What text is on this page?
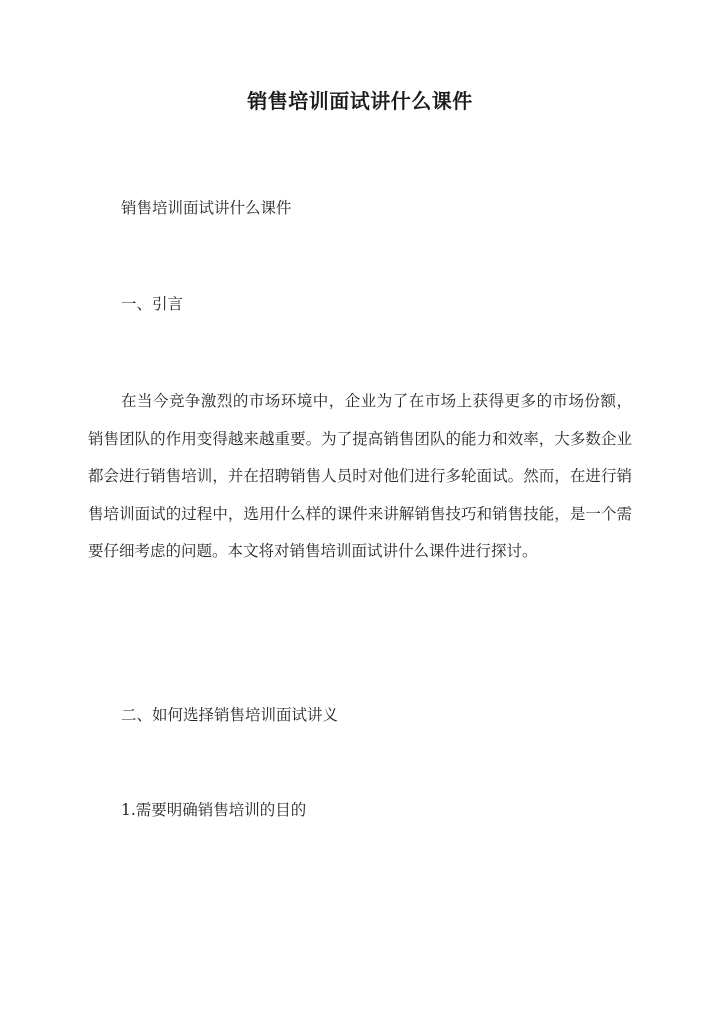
销售培训面试讲什么课件
销售培训面试讲什么课件
一、引言
在当今竞争激烈的市场环境中，企业为了在市场上获得更多的市场份额，销售团队的作用变得越来越重要。为了提高销售团队的能力和效率，大多数企业都会进行销售培训，并在招聘销售人员时对他们进行多轮面试。然而，在进行销售培训面试的过程中，选用什么样的课件来讲解销售技巧和销售技能，是一个需要仔细考虑的问题。本文将对销售培训面试讲什么课件进行探讨。
二、如何选择销售培训面试讲义
1.需要明确销售培训的目的
